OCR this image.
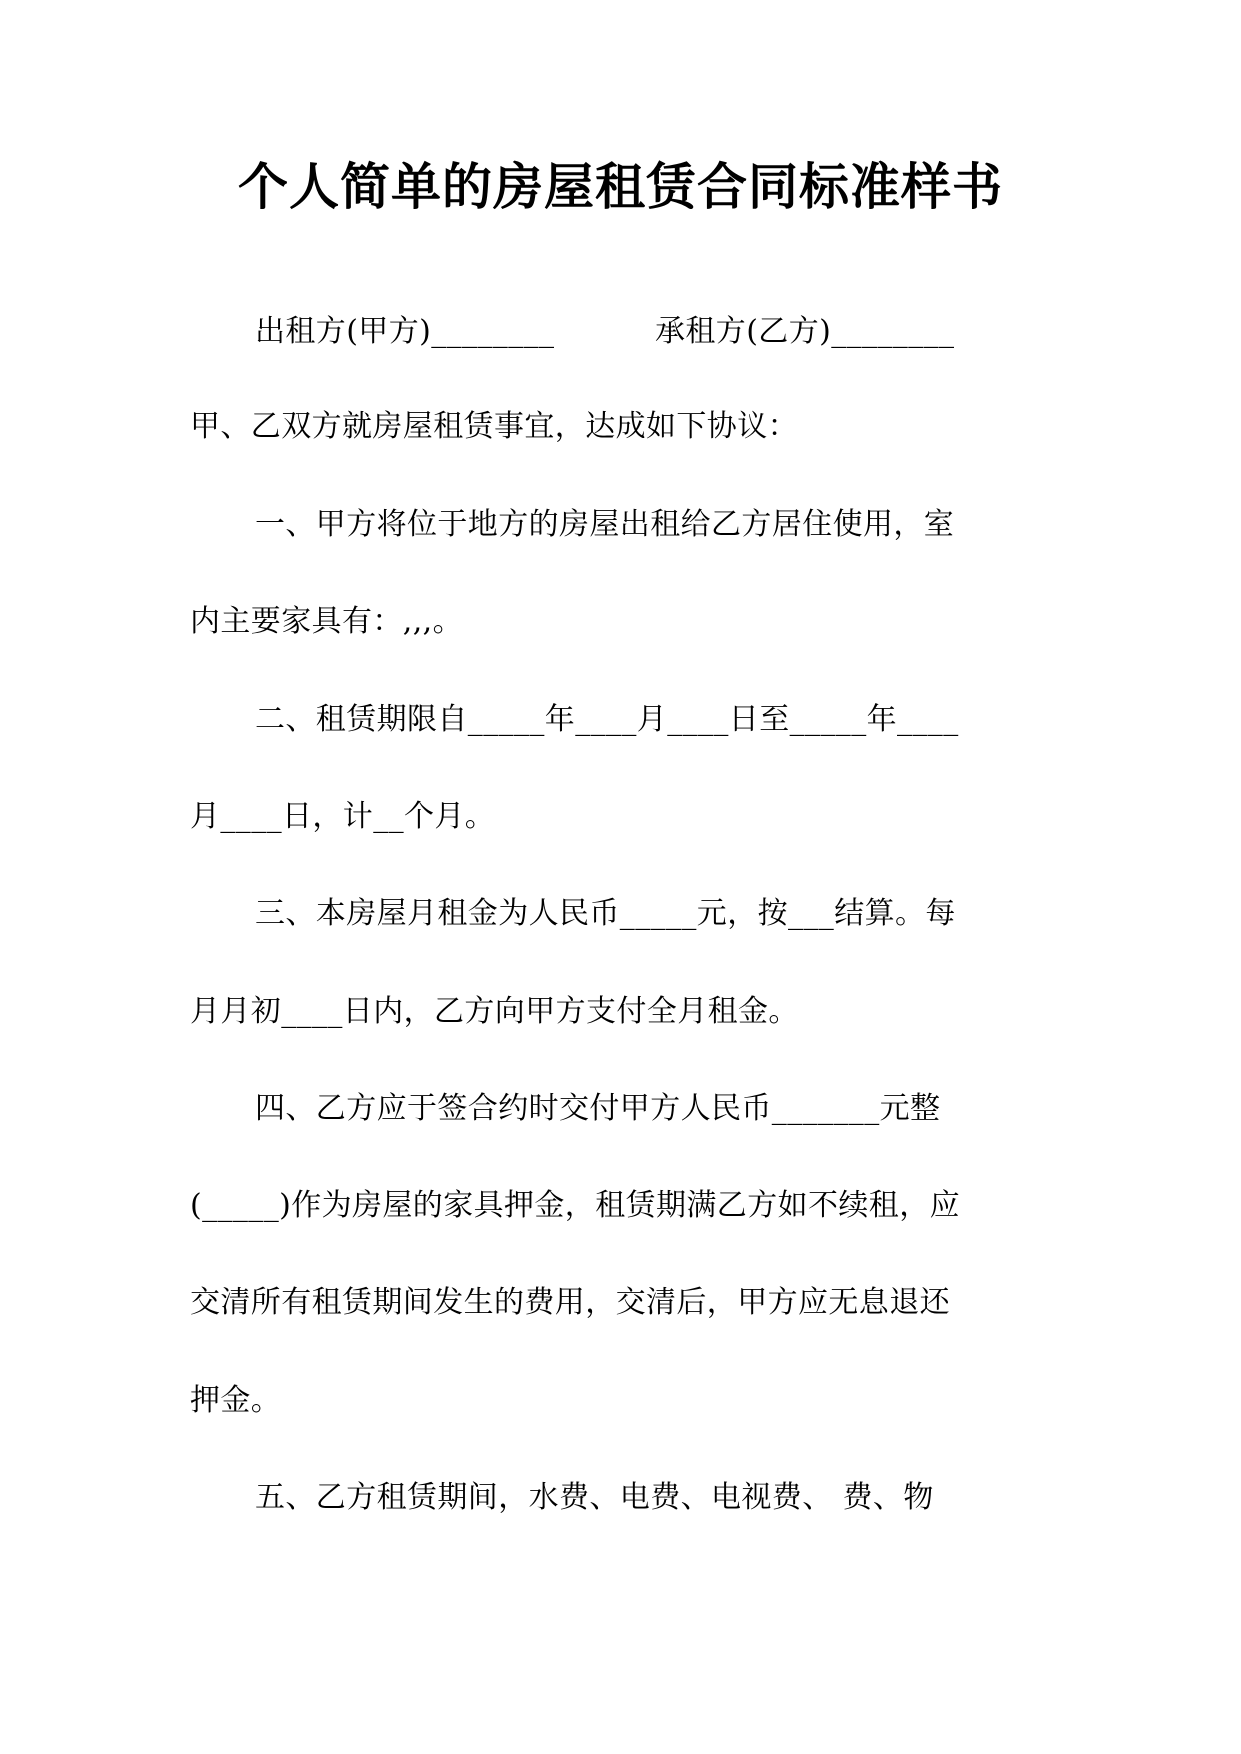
个人简单的房屋租赁合同标准样书
出租方(甲方)________	承租方(乙方)________
甲、乙双方就房屋租赁事宜，达成如下协议：
一、甲方将位于地方的房屋出租给乙方居住使用，室
内主要家具有：,,,。
二、租赁期限自_____年____月____日至_____年____
月____日，计__个月。
三、本房屋月租金为人民币_____元，按___结算。每
月月初____日内，乙方向甲方支付全月租金。
四、乙方应于签合约时交付甲方人民币_______元整
(_____)作为房屋的家具押金，租赁期满乙方如不续租，应
交清所有租赁期间发生的费用，交清后，甲方应无息退还
押金。
五、乙方租赁期间，水费、电费、电视费、 费、物
